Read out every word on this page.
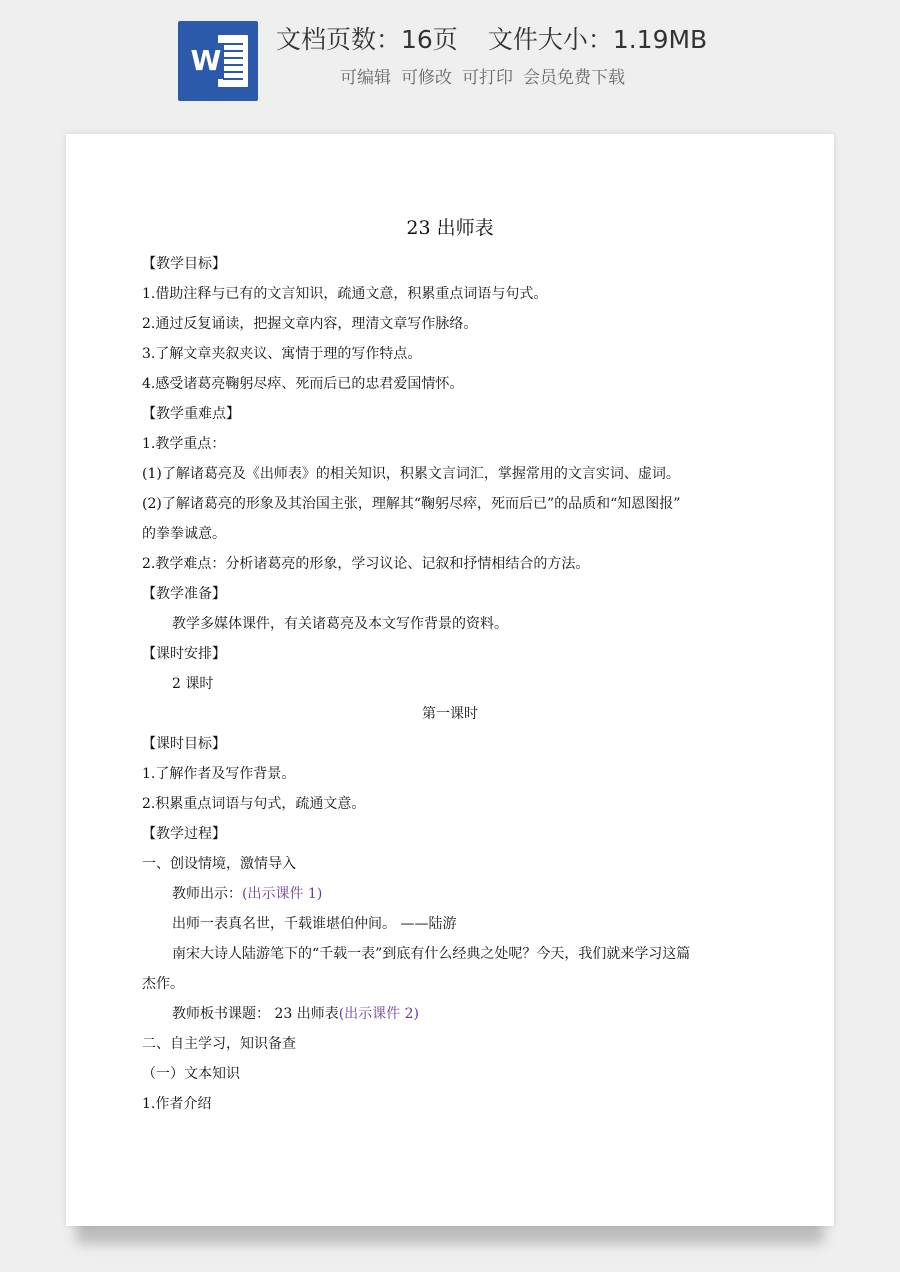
W
文档页数：16页 文件大小：1.19MB
可编辑 可修改 可打印 会员免费下载
23 出师表
【教学目标】
1.借助注释与已有的文言知识，疏通文意，积累重点词语与句式。
2.通过反复诵读，把握文章内容，理清文章写作脉络。
3.了解文章夹叙夹议、寓情于理的写作特点。
4.感受诸葛亮鞠躬尽瘁、死而后已的忠君爱国情怀。
【教学重难点】
1.教学重点：
(1)了解诸葛亮及《出师表》的相关知识，积累文言词汇，掌握常用的文言实词、虚词。
(2)了解诸葛亮的形象及其治国主张，理解其“鞠躬尽瘁，死而后已”的品质和“知恩图报”
的拳拳诚意。
2.教学难点：分析诸葛亮的形象，学习议论、记叙和抒情相结合的方法。
【教学准备】
教学多媒体课件，有关诸葛亮及本文写作背景的资料。
【课时安排】
2 课时
第一课时
【课时目标】
1.了解作者及写作背景。
2.积累重点词语与句式，疏通文意。
【教学过程】
一、创设情境，激情导入
教师出示：(出示课件 1)
出师一表真名世，千载谁堪伯仲间。 ——陆游
南宋大诗人陆游笔下的“千载一表”到底有什么经典之处呢？今天，我们就来学习这篇
杰作。
教师板书课题： 23 出师表(出示课件 2)
二、自主学习，知识备查
（一）文本知识
1.作者介绍
